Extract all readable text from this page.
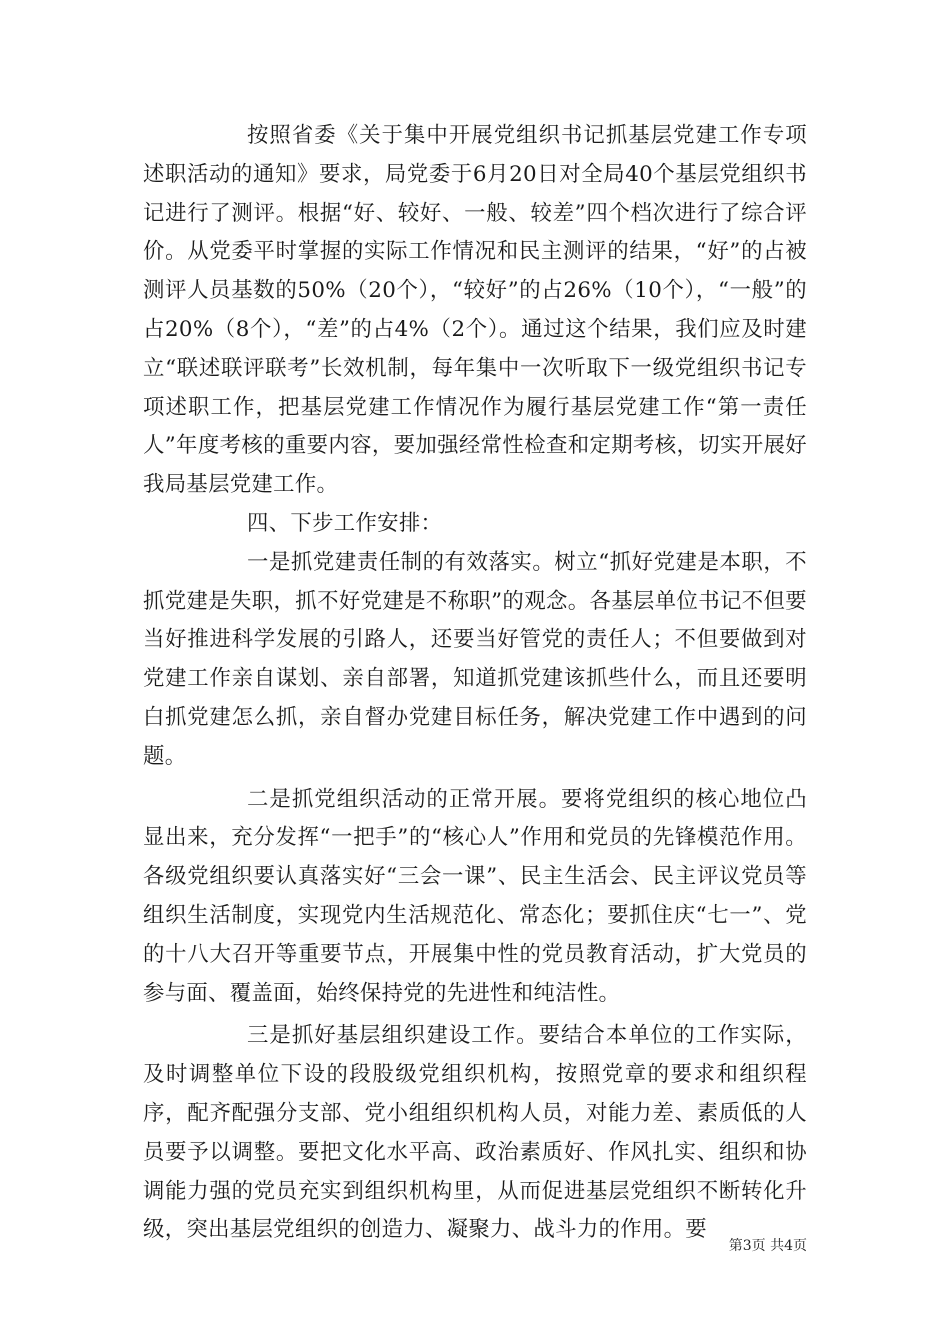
按照省委《关于集中开展党组织书记抓基层党建工作专项述职活动的通知》要求，局党委于6月20日对全局40个基层党组织书记进行了测评。根据“好、较好、一般、较差”四个档次进行了综合评价。从党委平时掌握的实际工作情况和民主测评的结果，“好”的占被测评人员基数的50%（20个），“较好”的占26%（10个），“一般”的占20%（8个），“差”的占4%（2个）。通过这个结果，我们应及时建立“联述联评联考”长效机制，每年集中一次听取下一级党组织书记专项述职工作，把基层党建工作情况作为履行基层党建工作“第一责任人”年度考核的重要内容，要加强经常性检查和定期考核，切实开展好我局基层党建工作。

四、下步工作安排：

一是抓党建责任制的有效落实。树立“抓好党建是本职，不抓党建是失职，抓不好党建是不称职”的观念。各基层单位书记不但要当好推进科学发展的引路人，还要当好管党的责任人；不但要做到对党建工作亲自谋划、亲自部署，知道抓党建该抓些什么，而且还要明白抓党建怎么抓，亲自督办党建目标任务，解决党建工作中遇到的问题。

二是抓党组织活动的正常开展。要将党组织的核心地位凸显出来，充分发挥“一把手”的“核心人”作用和党员的先锋模范作用。各级党组织要认真落实好“三会一课”、民主生活会、民主评议党员等组织生活制度，实现党内生活规范化、常态化；要抓住庆“七一”、党的十八大召开等重要节点，开展集中性的党员教育活动，扩大党员的参与面、覆盖面，始终保持党的先进性和纯洁性。

三是抓好基层组织建设工作。要结合本单位的工作实际，及时调整单位下设的段股级党组织机构，按照党章的要求和组织程序，配齐配强分支部、党小组组织机构人员，对能力差、素质低的人员要予以调整。要把文化水平高、政治素质好、作风扎实、组织和协调能力强的党员充实到组织机构里，从而促进基层党组织不断转化升级，突出基层党组织的创造力、凝聚力、战斗力的作用。要

第3页 共4页
